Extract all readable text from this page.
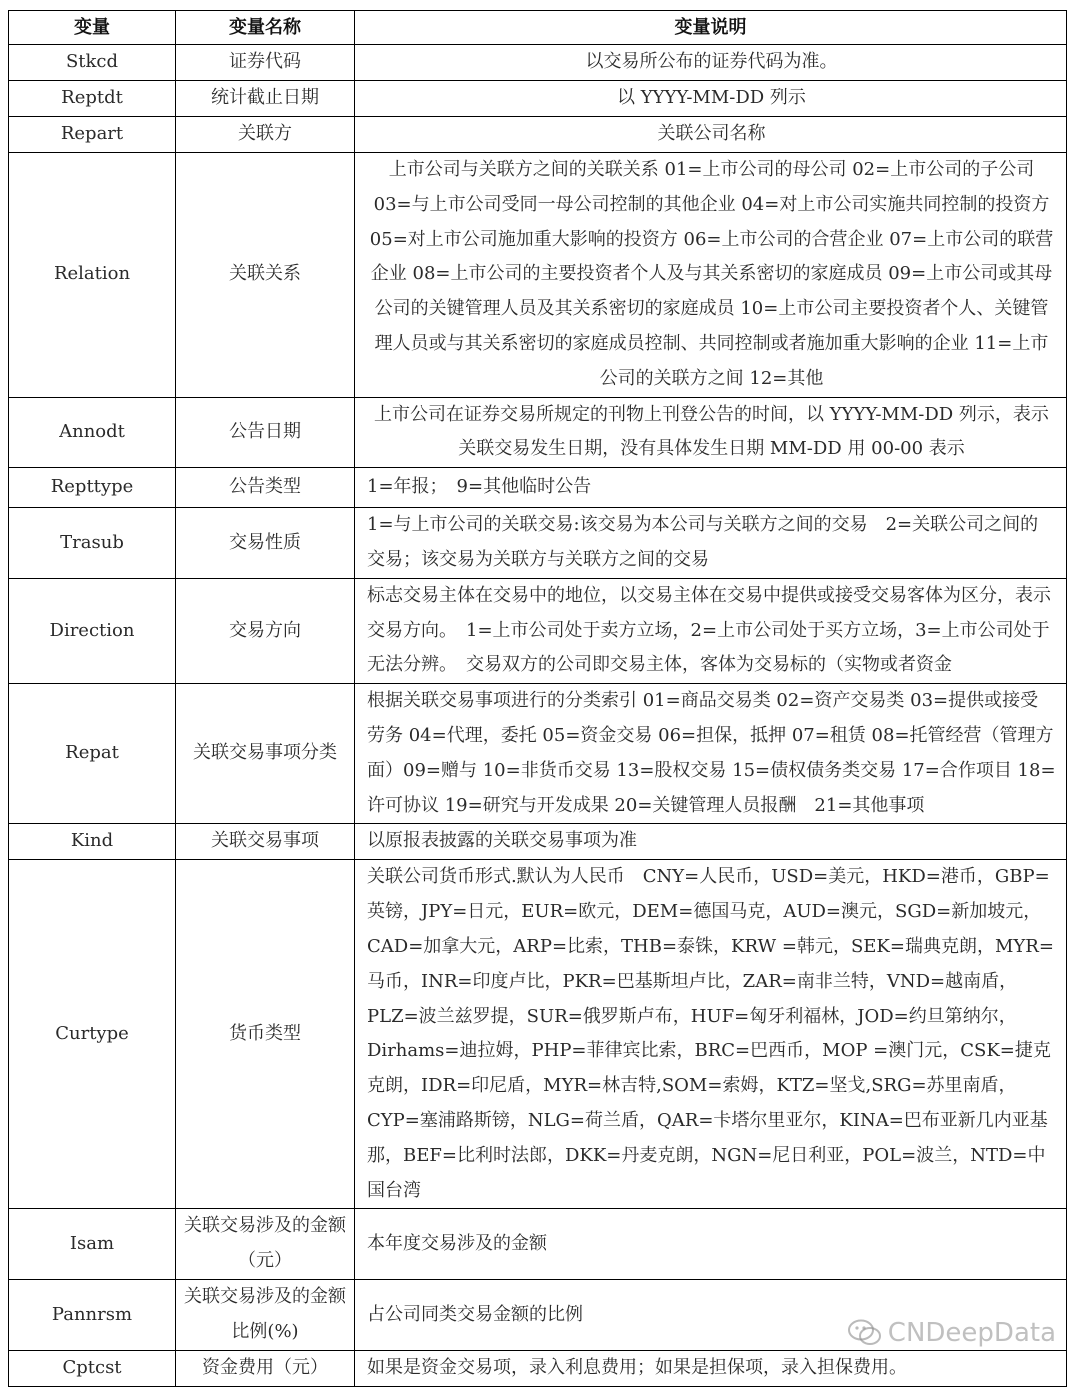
变量	变量名称	变量说明
Stkcd	证券代码	以交易所公布的证券代码为准。
Reptdt	统计截止日期	以 YYYY-MM-DD 列示
Repart	关联方	关联公司名称
Relation	关联关系	上市公司与关联方之间的关联关系 01=上市公司的母公司 02=上市公司的子公司 03=与上市公司受同一母公司控制的其他企业 04=对上市公司实施共同控制的投资方 05=对上市公司施加重大影响的投资方 06=上市公司的合营企业 07=上市公司的联营企业 08=上市公司的主要投资者个人及与其关系密切的家庭成员 09=上市公司或其母公司的关键管理人员及其关系密切的家庭成员 10=上市公司主要投资者个人、关键管理人员或与其关系密切的家庭成员控制、共同控制或者施加重大影响的企业 11=上市公司的关联方之间 12=其他
Annodt	公告日期	上市公司在证券交易所规定的刊物上刊登公告的时间，以 YYYY-MM-DD 列示，表示关联交易发生日期，没有具体发生日期 MM-DD 用 00-00 表示
Repttype	公告类型	1=年报；　9=其他临时公告
Trasub	交易性质	1=与上市公司的关联交易:该交易为本公司与关联方之间的交易　2=关联公司之间的交易；该交易为关联方与关联方之间的交易
Direction	交易方向	标志交易主体在交易中的地位，以交易主体在交易中提供或接受交易客体为区分，表示交易方向。　1=上市公司处于卖方立场，2=上市公司处于买方立场，3=上市公司处于无法分辨。　交易双方的公司即交易主体，客体为交易标的（实物或者资金
Repat	关联交易事项分类	根据关联交易事项进行的分类索引 01=商品交易类 02=资产交易类 03=提供或接受劳务 04=代理，委托 05=资金交易 06=担保，抵押 07=租赁 08=托管经营（管理方面）09=赠与 10=非货币交易 13=股权交易 15=债权债务类交易 17=合作项目 18=许可协议 19=研究与开发成果 20=关键管理人员报酬　21=其他事项
Kind	关联交易事项	以原报表披露的关联交易事项为准
Curtype	货币类型	关联公司货币形式.默认为人民币　CNY=人民币，USD=美元，HKD=港币，GBP=英镑，JPY=日元，EUR=欧元，DEM=德国马克，AUD=澳元，SGD=新加坡元，CAD=加拿大元，ARP=比索，THB=泰铢，KRW =韩元，SEK=瑞典克朗，MYR=马币，INR=印度卢比，PKR=巴基斯坦卢比，ZAR=南非兰特，VND=越南盾，PLZ=波兰兹罗提，SUR=俄罗斯卢布，HUF=匈牙利福林，JOD=约旦第纳尔，Dirhams=迪拉姆，PHP=菲律宾比索，BRC=巴西币，MOP =澳门元，CSK=捷克克朗，IDR=印尼盾，MYR=林吉特,SOM=索姆，KTZ=坚戈,SRG=苏里南盾，CYP=塞浦路斯镑，NLG=荷兰盾，QAR=卡塔尔里亚尔，KINA=巴布亚新几内亚基那，BEF=比利时法郎，DKK=丹麦克朗，NGN=尼日利亚，POL=波兰，NTD=中国台湾
Isam	关联交易涉及的金额（元）	本年度交易涉及的金额
Pannrsm	关联交易涉及的金额比例(%)	占公司同类交易金额的比例
Cptcst	资金费用（元）	如果是资金交易项，录入利息费用；如果是担保项，录入担保费用。
CNDeepData
